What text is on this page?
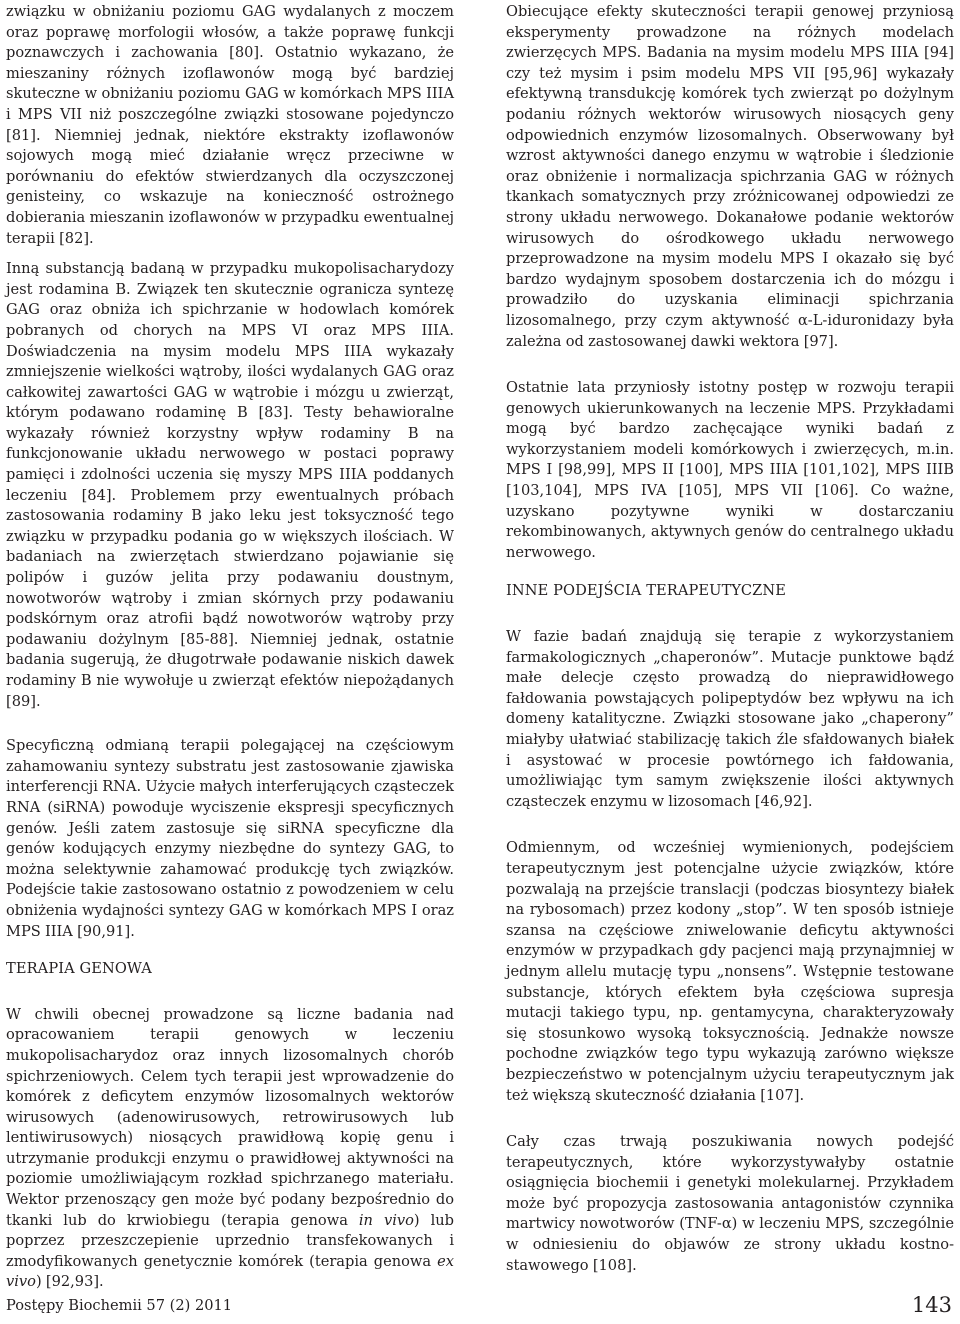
związku w obniżaniu poziomu GAG wydalanych z moczem oraz poprawę morfologii włosów, a także poprawę funkcji poznawczych i zachowania [80]. Ostatnio wykazano, że mieszaniny różnych izoflawonów mogą być bardziej skuteczne w obniżaniu poziomu GAG w komórkach MPS IIIA i MPS VII niż poszczególne związki stosowane pojedynczo [81]. Niemniej jednak, niektóre ekstrakty izoflawonów sojowych mogą mieć działanie wręcz przeciwne w porównaniu do efektów stwierdzanych dla oczyszczonej genisteiny, co wskazuje na konieczność ostrożnego dobierania mieszanin izoflawonów w przypadku ewentualnej terapii [82].

Inną substancją badaną w przypadku mukopolisacharydozy jest rodamina B. Związek ten skutecznie ogranicza syntezę GAG oraz obniża ich spichrzanie w hodowlach komórek pobranych od chorych na MPS VI oraz MPS IIIA. Doświadczenia na mysim modelu MPS IIIA wykazały zmniejszenie wielkości wątroby, ilości wydalanych GAG oraz całkowitej zawartości GAG w wątrobie i mózgu u zwierząt, którym podawano rodaminę B [83]. Testy behawioralne wykazały również korzystny wpływ rodaminy B na funkcjonowanie układu nerwowego w postaci poprawy pamięci i zdolności uczenia się myszy MPS IIIA poddanych leczeniu [84]. Problemem przy ewentualnych próbach zastosowania rodaminy B jako leku jest toksyczność tego związku w przypadku podania go w większych ilościach. W badaniach na zwierzętach stwierdzano pojawianie się polipów i guzów jelita przy podawaniu doustnym, nowotworów wątroby i zmian skórnych przy podawaniu podskórnym oraz atrofii bądź nowotworów wątroby przy podawaniu dożylnym [85-88]. Niemniej jednak, ostatnie badania sugerują, że długotrwałe podawanie niskich dawek rodaminy B nie wywołuje u zwierząt efektów niepożądanych [89].

Specyficzną odmianą terapii polegającej na częściowym zahamowaniu syntezy substratu jest zastosowanie zjawiska interferencji RNA. Użycie małych interferujących cząsteczek RNA (siRNA) powoduje wyciszenie ekspresji specyficznych genów. Jeśli zatem zastosuje się siRNA specyficzne dla genów kodujących enzymy niezbędne do syntezy GAG, to można selektywnie zahamować produkcję tych związków. Podejście takie zastosowano ostatnio z powodzeniem w celu obniżenia wydajności syntezy GAG w komórkach MPS I oraz MPS IIIA [90,91].

TERAPIA GENOWA

W chwili obecnej prowadzone są liczne badania nad opracowaniem terapii genowych w leczeniu mukopolisacharydoz oraz innych lizosomalnych chorób spichrzeniowych. Celem tych terapii jest wprowadzenie do komórek z deficytem enzymów lizosomalnych wektorów wirusowych (adenowirusowych, retrowirusowych lub lentiwirusowych) niosących prawidłową kopię genu i utrzymanie produkcji enzymu o prawidłowej aktywności na poziomie umożliwiającym rozkład spichrzanego materiału. Wektor przenoszący gen może być podany bezpośrednio do tkanki lub do krwiobiegu (terapia genowa in vivo) lub poprzez przeszczepienie uprzednio transfekowanych i zmodyfikowanych genetycznie komórek (terapia genowa ex vivo) [92,93].

Obiecujące efekty skuteczności terapii genowej przyniosą eksperymenty prowadzone na różnych modelach zwierzęcych MPS. Badania na mysim modelu MPS IIIA [94] czy też mysim i psim modelu MPS VII [95,96] wykazały efektywną transdukcję komórek tych zwierząt po dożylnym podaniu różnych wektorów wirusowych niosących geny odpowiednich enzymów lizosomalnych. Obserwowany był wzrost aktywności danego enzymu w wątrobie i śledzionie oraz obniżenie i normalizacja spichrzania GAG w różnych tkankach somatycznych przy zróżnicowanej odpowiedzi ze strony układu nerwowego. Dokanałowe podanie wektorów wirusowych do ośrodkowego układu nerwowego przeprowadzone na mysim modelu MPS I okazało się być bardzo wydajnym sposobem dostarczenia ich do mózgu i prowadziło do uzyskania eliminacji spichrzania lizosomalnego, przy czym aktywność α-L-iduronidazy była zależna od zastosowanej dawki wektora [97].

Ostatnie lata przyniosły istotny postęp w rozwoju terapii genowych ukierunkowanych na leczenie MPS. Przykładami mogą być bardzo zachęcające wyniki badań z wykorzystaniem modeli komórkowych i zwierzęcych, m.in. MPS I [98,99], MPS II [100], MPS IIIA [101,102], MPS IIIB [103,104], MPS IVA [105], MPS VII [106]. Co ważne, uzyskano pozytywne wyniki w dostarczaniu rekombinowanych, aktywnych genów do centralnego układu nerwowego.

INNE PODEJŚCIA TERAPEUTYCZNE

W fazie badań znajdują się terapie z wykorzystaniem farmakologicznych „chaperonów”. Mutacje punktowe bądź małe delecje często prowadzą do nieprawidłowego fałdowania powstających polipeptydów bez wpływu na ich domeny katalityczne. Związki stosowane jako „chaperony” miałyby ułatwiać stabilizację takich źle sfałdowanych białek i asystować w procesie powtórnego ich fałdowania, umożliwiając tym samym zwiększenie ilości aktywnych cząsteczek enzymu w lizosomach [46,92].

Odmiennym, od wcześniej wymienionych, podejściem terapeutycznym jest potencjalne użycie związków, które pozwalają na przejście translacji (podczas biosyntezy białek na rybosomach) przez kodony „stop”. W ten sposób istnieje szansa na częściowe zniwelowanie deficytu aktywności enzymów w przypadkach gdy pacjenci mają przynajmniej w jednym allelu mutację typu „nonsens”. Wstępnie testowane substancje, których efektem była częściowa supresja mutacji takiego typu, np. gentamycyna, charakteryzowały się stosunkowo wysoką toksycznością. Jednakże nowsze pochodne związków tego typu wykazują zarówno większe bezpieczeństwo w potencjalnym użyciu terapeutycznym jak też większą skuteczność działania [107].

Cały czas trwają poszukiwania nowych podejść terapeutycznych, które wykorzystywałyby ostatnie osiągnięcia biochemii i genetyki molekularnej. Przykładem może być propozycja zastosowania antagonistów czynnika martwicy nowotworów (TNF-α) w leczeniu MPS, szczególnie w odniesieniu do objawów ze strony układu kostno-stawowego [108].

Postępy Biochemii 57 (2) 2011	143
